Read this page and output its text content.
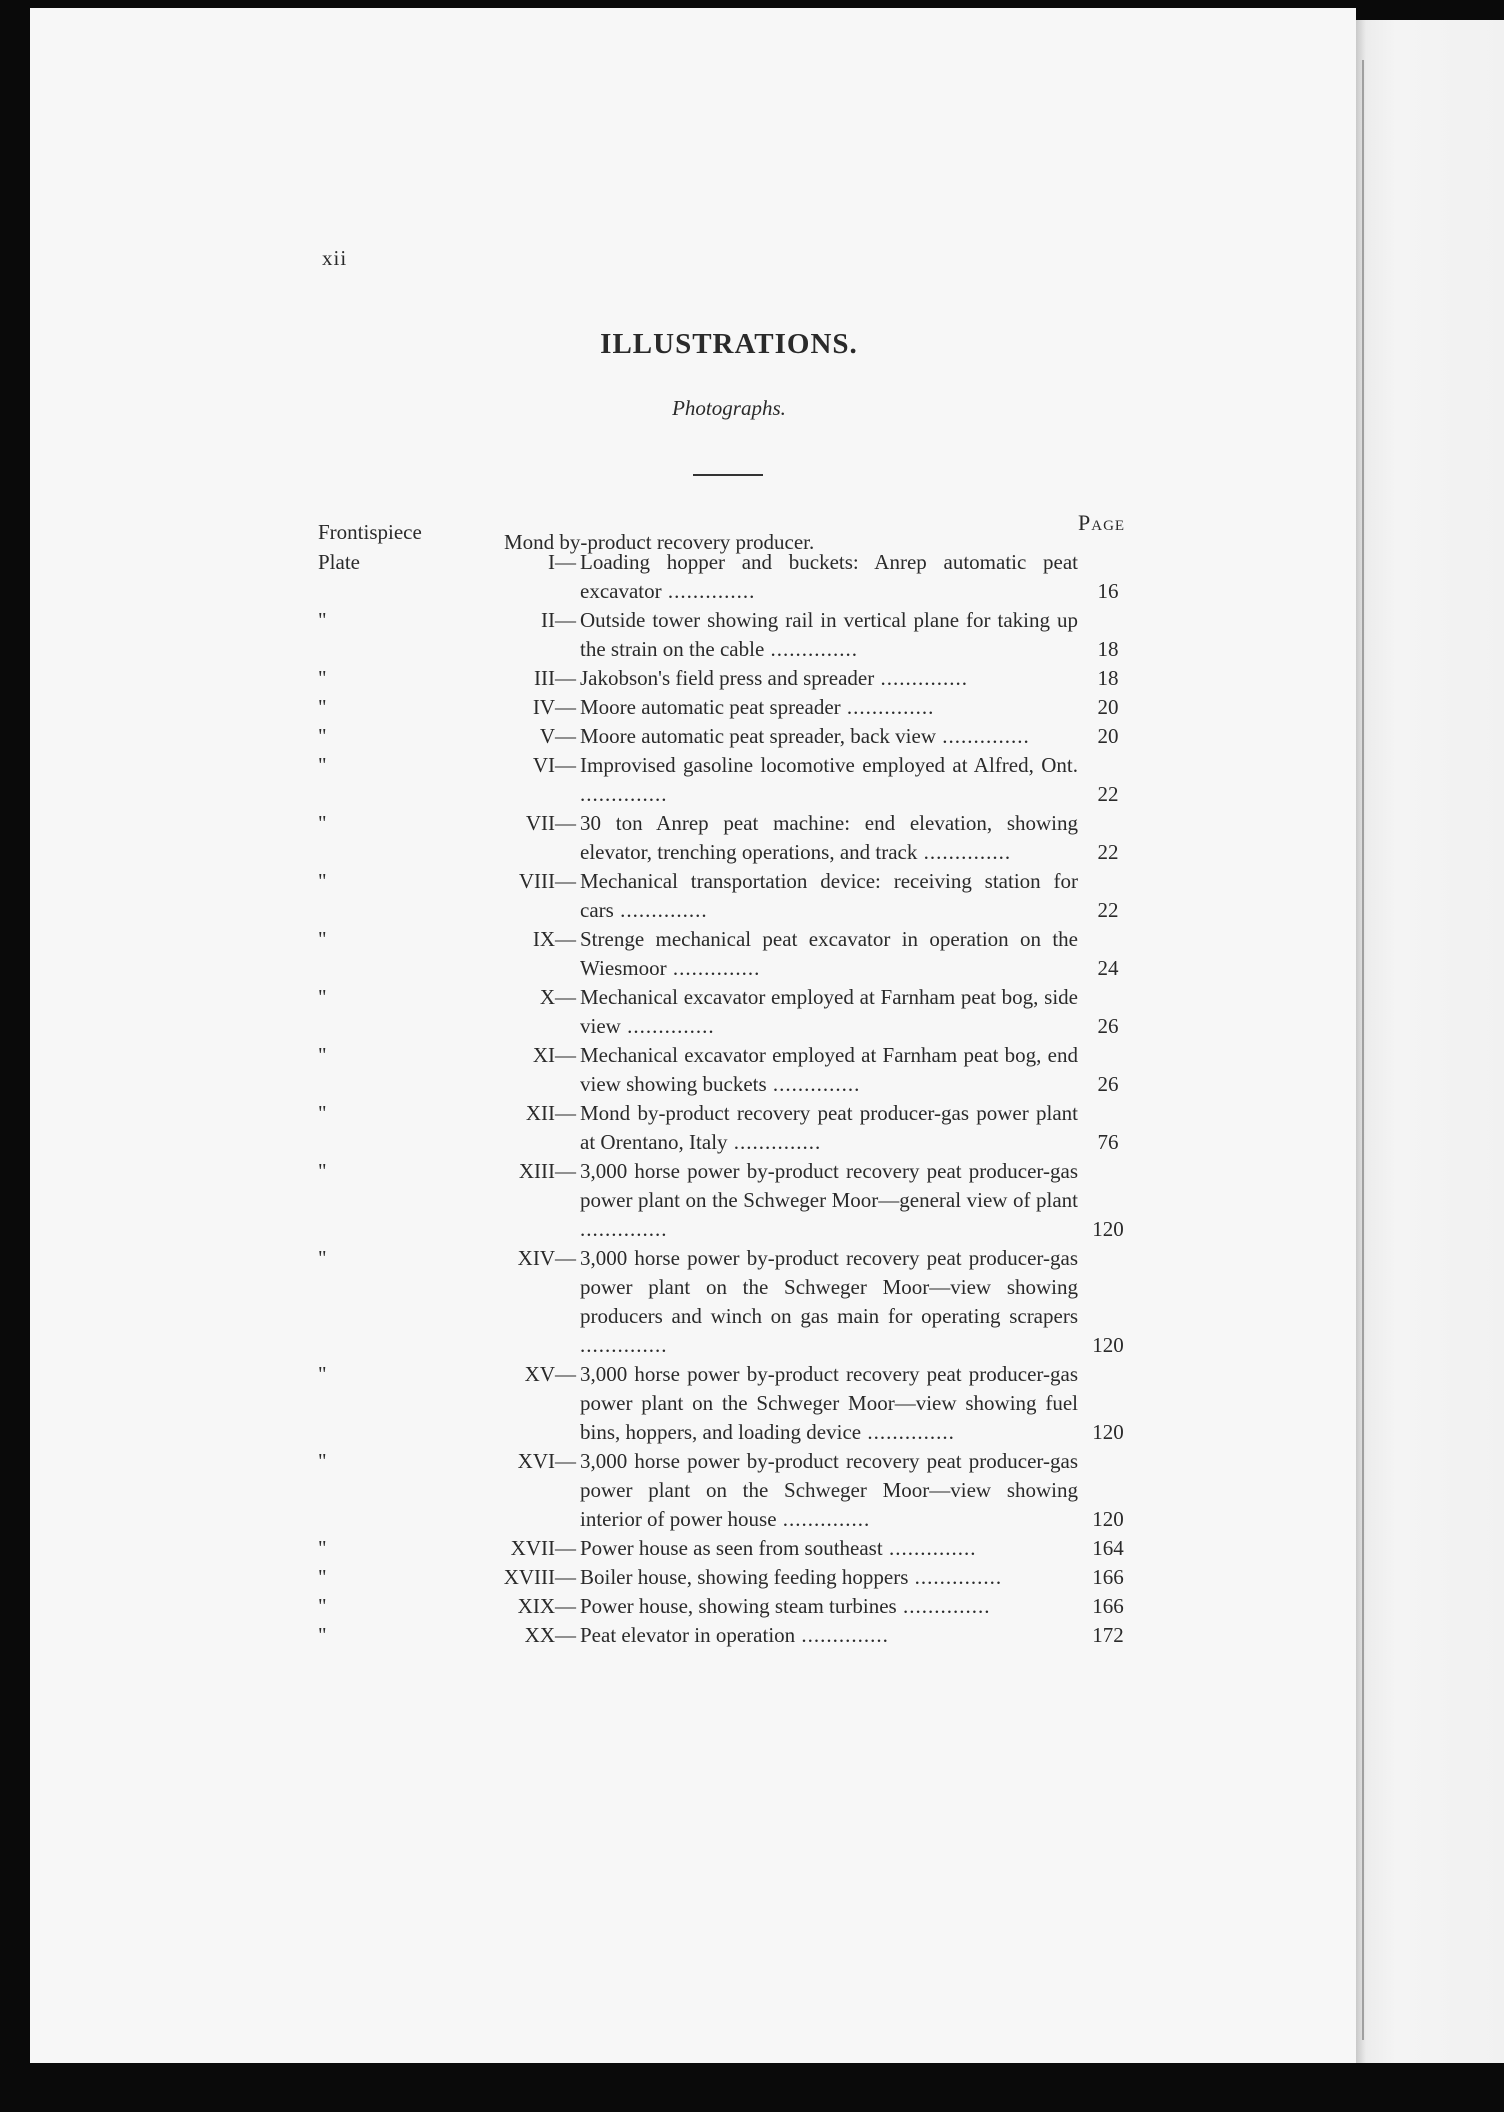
xii
ILLUSTRATIONS.
Photographs.
Page
Frontispiece	Mond by-product recovery producer.
Plate	I— Loading hopper and buckets: Anrep automatic peat excavator ..............	16
"	II— Outside tower showing rail in vertical plane for taking up the strain on the cable ..............	18
"	III— Jakobson's field press and spreader ..............	18
"	IV— Moore automatic peat spreader ..............	20
"	V— Moore automatic peat spreader, back view ..............	20
"	VI— Improvised gasoline locomotive employed at Alfred, Ont. ..............	22
"	VII— 30 ton Anrep peat machine: end elevation, showing elevator, trenching operations, and track ..............	22
"	VIII— Mechanical transportation device: receiving station for cars ..............	22
"	IX— Strenge mechanical peat excavator in operation on the Wiesmoor ..............	24
"	X— Mechanical excavator employed at Farnham peat bog, side view ..............	26
"	XI— Mechanical excavator employed at Farnham peat bog, end view showing buckets ..............	26
"	XII— Mond by-product recovery peat producer-gas power plant at Orentano, Italy ..............	76
"	XIII— 3,000 horse power by-product recovery peat producer-gas power plant on the Schweger Moor—general view of plant ..............	120
"	XIV— 3,000 horse power by-product recovery peat producer-gas power plant on the Schweger Moor—view showing producers and winch on gas main for operating scrapers ..............	120
"	XV— 3,000 horse power by-product recovery peat producer-gas power plant on the Schweger Moor—view showing fuel bins, hoppers, and loading device ..............	120
"	XVI— 3,000 horse power by-product recovery peat producer-gas power plant on the Schweger Moor—view showing interior of power house ..............	120
"	XVII— Power house as seen from southeast ..............	164
"	XVIII— Boiler house, showing feeding hoppers ..............	166
"	XIX— Power house, showing steam turbines ..............	166
"	XX— Peat elevator in operation ..............	172
